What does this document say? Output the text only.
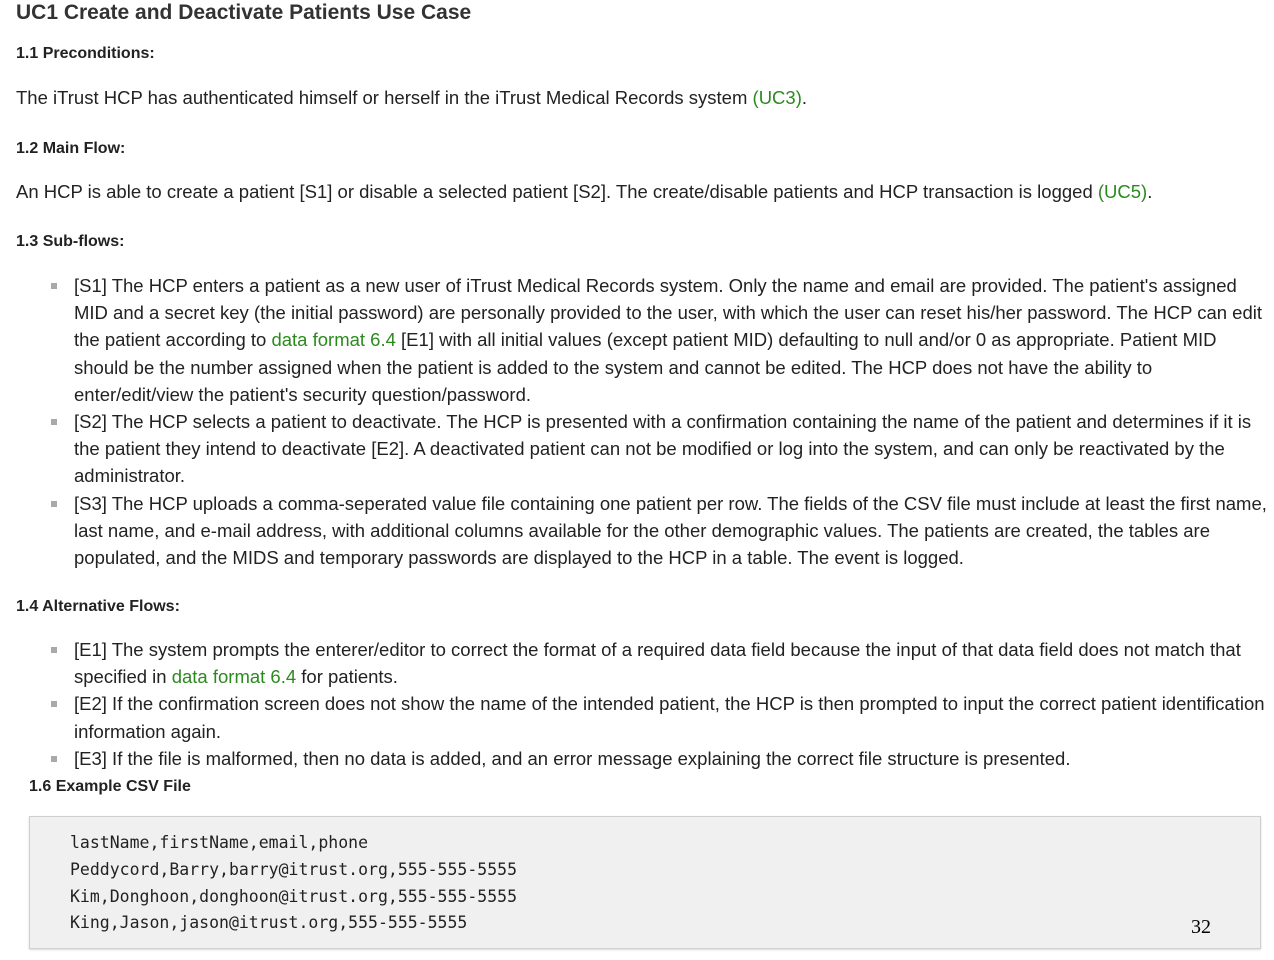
UC1 Create and Deactivate Patients Use Case
1.1 Preconditions:

The iTrust HCP has authenticated himself or herself in the iTrust Medical Records system (UC3).

1.2 Main Flow:

An HCP is able to create a patient [S1] or disable a selected patient [S2]. The create/disable patients and HCP transaction is logged (UC5).

1.3 Sub-flows:
[S1] The HCP enters a patient as a new user of iTrust Medical Records system. Only the name and email are provided. The patient's assigned MID and a secret key (the initial password) are personally provided to the user, with which the user can reset his/her password. The HCP can edit the patient according to data format 6.4 [E1] with all initial values (except patient MID) defaulting to null and/or 0 as appropriate. Patient MID should be the number assigned when the patient is added to the system and cannot be edited. The HCP does not have the ability to enter/edit/view the patient's security question/password.
[S2] The HCP selects a patient to deactivate. The HCP is presented with a confirmation containing the name of the patient and determines if it is the patient they intend to deactivate [E2]. A deactivated patient can not be modified or log into the system, and can only be reactivated by the administrator.
[S3] The HCP uploads a comma-seperated value file containing one patient per row. The fields of the CSV file must include at least the first name, last name, and e-mail address, with additional columns available for the other demographic values. The patients are created, the tables are populated, and the MIDS and temporary passwords are displayed to the HCP in a table. The event is logged.
1.4 Alternative Flows:
[E1] The system prompts the enterer/editor to correct the format of a required data field because the input of that data field does not match that specified in data format 6.4 for patients.
[E2] If the confirmation screen does not show the name of the intended patient, the HCP is then prompted to input the correct patient identification information again.
[E3] If the file is malformed, then no data is added, and an error message explaining the correct file structure is presented.
1.6 Example CSV File
lastName,firstName,email,phone
Peddycord,Barry,barry@itrust.org,555-555-5555
Kim,Donghoon,donghoon@itrust.org,555-555-5555
King,Jason,jason@itrust.org,555-555-5555	32
